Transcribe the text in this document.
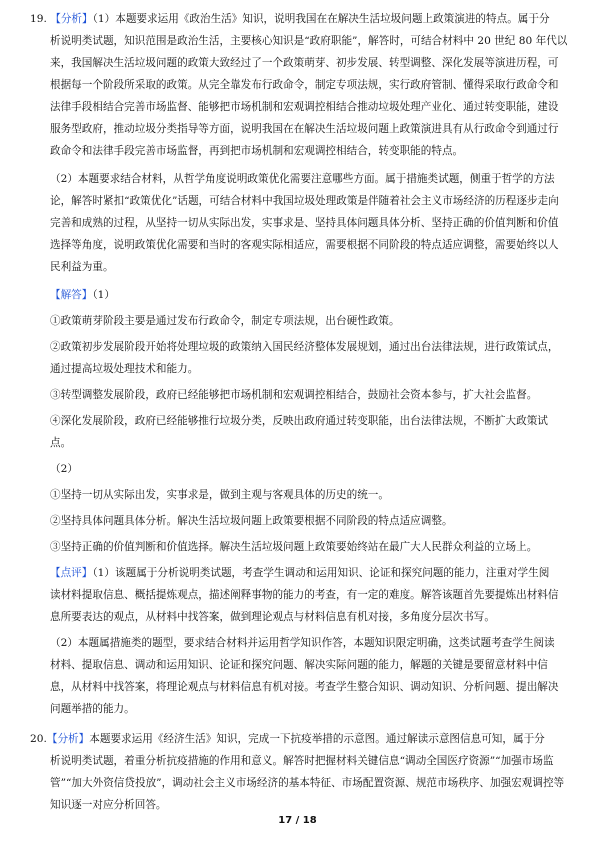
19. 【分析】（1）本题要求运用《政治生活》知识，说明我国在在解决生活垃圾问题上政策演进的特点。属于分
析说明类试题，知识范围是政治生活，主要核心知识是“政府职能”，解答时，可结合材料中 20 世纪 80 年代以
来，我国解决生活垃圾问题的政策大致经过了一个政策萌芽、初步发展、转型调整、深化发展等演进历程，可
根据每一个阶段所采取的政策。从完全靠发布行政命令，制定专项法规，实行政府管制、懂得采取行政命令和
法律手段相结合完善市场监督、能够把市场机制和宏观调控相结合推动垃圾处理产业化、通过转变职能，建设
服务型政府，推动垃圾分类指导等方面，说明我国在在解决生活垃圾问题上政策演进具有从行政命令到通过行
政命令和法律手段完善市场监督，再到把市场机制和宏观调控相结合，转变职能的特点。
（2）本题要求结合材料，从哲学角度说明政策优化需要注意哪些方面。属于措施类试题，侧重于哲学的方法
论，解答时紧扣“政策优化”话题，可结合材料中我国垃圾处理政策是伴随着社会主义市场经济的历程逐步走向
完善和成熟的过程，从坚持一切从实际出发，实事求是、坚持具体问题具体分析、坚持正确的价值判断和价值
选择等角度，说明政策优化需要和当时的客观实际相适应，需要根据不同阶段的特点适应调整，需要始终以人
民利益为重。
【解答】（1）
①政策萌芽阶段主要是通过发布行政命令，制定专项法规，出台硬性政策。
②政策初步发展阶段开始将处理垃圾的政策纳入国民经济整体发展规划，通过出台法律法规，进行政策试点，
通过提高垃圾处理技术和能力。
③转型调整发展阶段，政府已经能够把市场机制和宏观调控相结合，鼓励社会资本参与，扩大社会监督。
④深化发展阶段，政府已经能够推行垃圾分类，反映出政府通过转变职能，出台法律法规，不断扩大政策试
点。
（2）
①坚持一切从实际出发，实事求是，做到主观与客观具体的历史的统一。
②坚持具体问题具体分析。解决生活垃圾问题上政策要根据不同阶段的特点适应调整。
③坚持正确的价值判断和价值选择。解决生活垃圾问题上政策要始终站在最广大人民群众利益的立场上。
【点评】（1）该题属于分析说明类试题，考查学生调动和运用知识、论证和探究问题的能力，注重对学生阅
读材料提取信息、概括提炼观点，描述阐释事物的能力的考查，有一定的难度。解答该题首先要提炼出材料信
息所要表达的观点，从材料中找答案，做到理论观点与材料信息有机对接，多角度分层次书写。
（2）本题属措施类的题型，要求结合材料并运用哲学知识作答，本题知识限定明确，这类试题考查学生阅读
材料、提取信息、调动和运用知识、论证和探究问题、解决实际问题的能力，解题的关键是要留意材料中信
息，从材料中找答案，将理论观点与材料信息有机对接。考查学生整合知识、调动知识、分析问题、提出解决
问题举措的能力。
20.【分析】本题要求运用《经济生活》知识，完成一下抗疫举措的示意图。通过解读示意图信息可知，属于分
析说明类试题，着重分析抗疫措施的作用和意义。解答时把握材料关键信息“调动全国医疗资源”“加强市场监
管”“加大外资信贷投放”，调动社会主义市场经济的基本特征、市场配置资源、规范市场秩序、加强宏观调控等
知识逐一对应分析回答。
17 / 18
